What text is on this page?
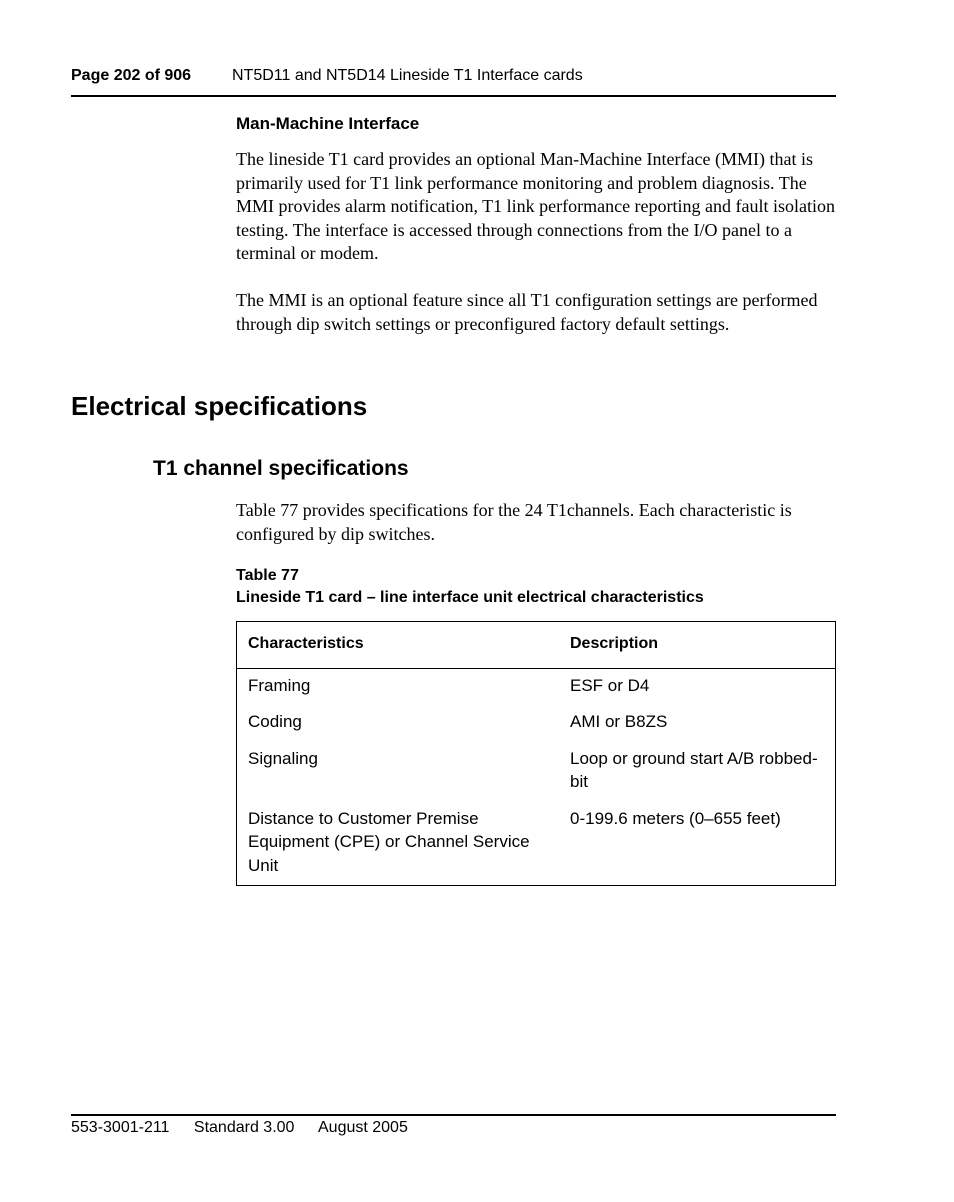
Page 202 of 906	NT5D11 and NT5D14 Lineside T1 Interface cards
Man-Machine Interface
The lineside T1 card provides an optional Man-Machine Interface (MMI) that is primarily used for T1 link performance monitoring and problem diagnosis. The MMI provides alarm notification, T1 link performance reporting and fault isolation testing. The interface is accessed through connections from the I/O panel to a terminal or modem.
The MMI is an optional feature since all T1 configuration settings are performed through dip switch settings or preconfigured factory default settings.
Electrical specifications
T1 channel specifications
Table 77 provides specifications for the 24 T1channels. Each characteristic is configured by dip switches.
Table 77
Lineside T1 card – line interface unit electrical characteristics
Characteristics	Description
Framing	ESF or D4
Coding	AMI or B8ZS
Signaling	Loop or ground start A/B robbed-bit
Distance to Customer Premise Equipment (CPE) or Channel Service Unit	0-199.6 meters (0–655 feet)
553-3001-211 Standard 3.00 August 2005
